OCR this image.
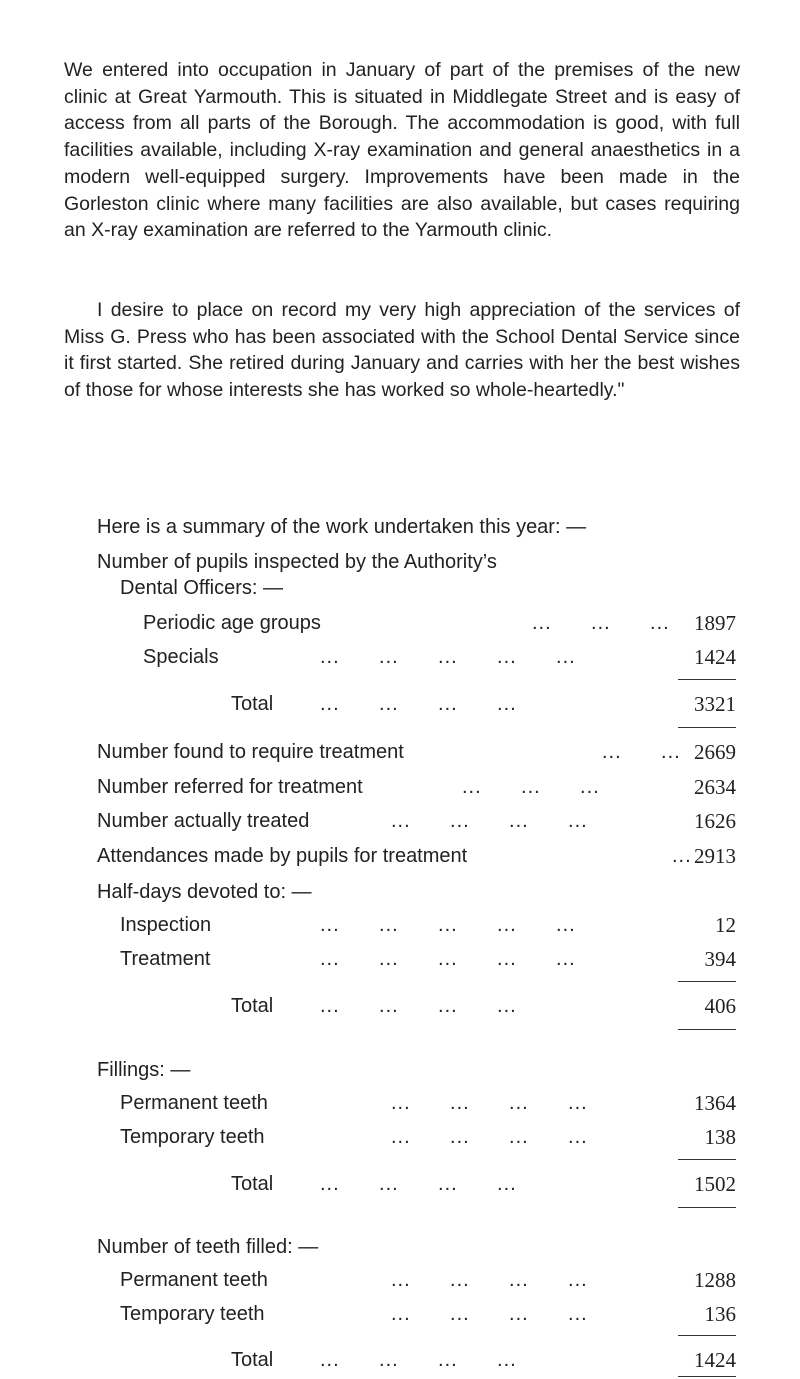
We entered into occupation in January of part of the premises of the new clinic at Great Yarmouth. This is situated in Middlegate Street and is easy of access from all parts of the Borough. The accommodation is good, with full facilities available, including X-ray examination and general anaesthetics in a modern well-equipped surgery. Improvements have been made in the Gorleston clinic where many facilities are also available, but cases requiring an X-ray examination are referred to the Yarmouth clinic.

I desire to place on record my very high appreciation of the services of Miss G. Press who has been associated with the School Dental Service since it first started. She retired during January and carries with her the best wishes of those for whose interests she has worked so whole-heartedly."

Here is a summary of the work undertaken this year: —
Number of pupils inspected by the Authority’s
Dental Officers: —
Periodic age groups	...      ...      ... 1897
Specials	...      ...      ...      ...      ...	1424
Total ...      ...      ...      ...	3321
Number found to require treatment	...      ... 2669
Number referred for treatment	...      ...      ...	2634
Number actually treated	...      ...      ...      ...	1626
Attendances made by pupils for treatment	... 2913
Half-days devoted to: —
Inspection	...      ...      ...      ...      ...	12
Treatment	...      ...      ...      ...      ...	394
Total ...      ...      ...      ...	406
Fillings: —
Permanent teeth	...      ...      ...      ...	1364
Temporary teeth	...      ...      ...      ...	138
Total ...      ...      ...      ...	1502
Number of teeth filled: —
Permanent teeth	...      ...      ...      ...	1288
Temporary teeth	...      ...      ...      ...	136
Total ...      ...      ...      ...	1424
